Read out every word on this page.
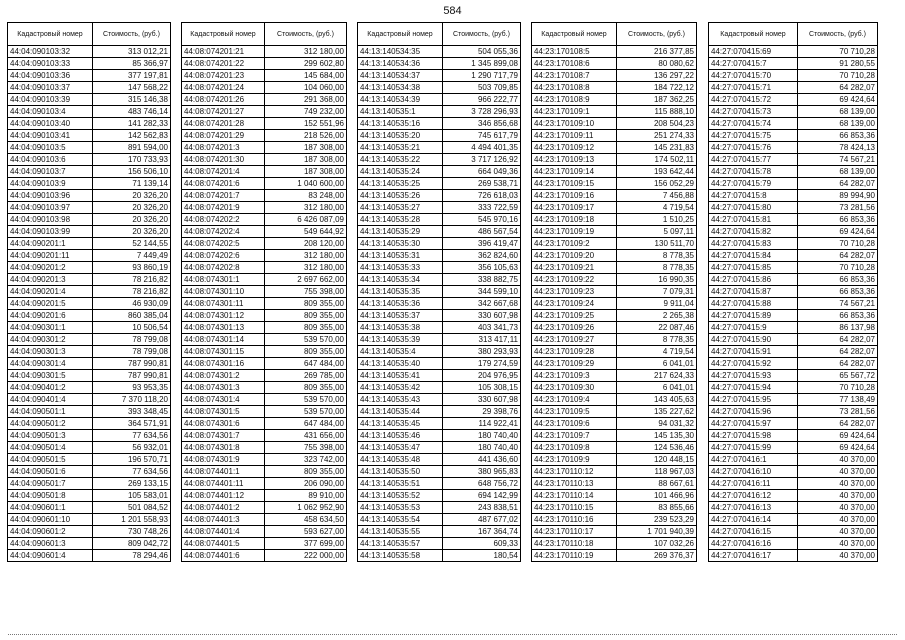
584
Кадастровый номер	Стоимость, (руб.)
44:04:090103:32	313 012,21
44:04:090103:33	85 366,97
44:04:090103:36	377 197,81
44:04:090103:37	147 568,22
44:04:090103:39	315 146,38
44:04:090103:4	483 746,14
44:04:090103:40	141 282,33
44:04:090103:41	142 562,83
44:04:090103:5	891 594,00
44:04:090103:6	170 733,93
44:04:090103:7	156 506,10
44:04:090103:9	71 139,14
44:04:090103:96	20 326,20
44:04:090103:97	20 326,20
44:04:090103:98	20 326,20
44:04:090103:99	20 326,20
44:04:090201:1	52 144,55
44:04:090201:11	7 449,49
44:04:090201:2	93 860,19
44:04:090201:3	78 216,82
44:04:090201:4	78 216,82
44:04:090201:5	46 930,09
44:04:090201:6	860 385,04
44:04:090301:1	10 506,54
44:04:090301:2	78 799,08
44:04:090301:3	78 799,08
44:04:090301:4	787 990,81
44:04:090301:5	787 990,81
44:04:090401:2	93 953,35
44:04:090401:4	7 370 118,20
44:04:090501:1	393 348,45
44:04:090501:2	364 571,91
44:04:090501:3	77 634,56
44:04:090501:4	56 932,01
44:04:090501:5	196 570,71
44:04:090501:6	77 634,56
44:04:090501:7	269 133,15
44:04:090501:8	105 583,01
44:04:090601:1	501 084,52
44:04:090601:10	1 201 558,93
44:04:090601:2	730 748,26
44:04:090601:3	809 042,72
44:04:090601:4	78 294,46
Кадастровый номер	Стоимость, (руб.)
44:08:074201:21	312 180,00
44:08:074201:22	299 602,80
44:08:074201:23	145 684,00
44:08:074201:24	104 060,00
44:08:074201:26	291 368,00
44:08:074201:27	749 232,00
44:08:074201:28	152 551,96
44:08:074201:29	218 526,00
44:08:074201:3	187 308,00
44:08:074201:30	187 308,00
44:08:074201:4	187 308,00
44:08:074201:6	1 040 600,00
44:08:074201:7	83 248,00
44:08:074201:9	312 180,00
44:08:074202:2	6 426 087,09
44:08:074202:4	549 644,92
44:08:074202:5	208 120,00
44:08:074202:6	312 180,00
44:08:074202:8	312 180,00
44:08:074301:1	2 697 662,00
44:08:074301:10	755 398,00
44:08:074301:11	809 355,00
44:08:074301:12	809 355,00
44:08:074301:13	809 355,00
44:08:074301:14	539 570,00
44:08:074301:15	809 355,00
44:08:074301:16	647 484,00
44:08:074301:2	269 785,00
44:08:074301:3	809 355,00
44:08:074301:4	539 570,00
44:08:074301:5	539 570,00
44:08:074301:6	647 484,00
44:08:074301:7	431 656,00
44:08:074301:8	755 398,00
44:08:074301:9	323 742,00
44:08:074401:1	809 355,00
44:08:074401:11	206 090,00
44:08:074401:12	89 910,00
44:08:074401:2	1 062 952,90
44:08:074401:3	458 634,50
44:08:074401:4	593 627,00
44:08:074401:5	377 699,00
44:08:074401:6	222 000,00
Кадастровый номер	Стоимость, (руб.)
44:13:140534:35	504 055,36
44:13:140534:36	1 345 899,08
44:13:140534:37	1 290 717,79
44:13:140534:38	503 709,85
44:13:140534:39	966 222,77
44:13:140535:1	3 728 296,93
44:13:140535:16	346 856,68
44:13:140535:20	745 617,79
44:13:140535:21	4 494 401,35
44:13:140535:22	3 717 126,92
44:13:140535:24	664 049,36
44:13:140535:25	269 538,71
44:13:140535:26	726 618,03
44:13:140535:27	333 722,59
44:13:140535:28	545 970,16
44:13:140535:29	486 567,54
44:13:140535:30	396 419,47
44:13:140535:31	362 824,60
44:13:140535:33	356 105,63
44:13:140535:34	338 882,75
44:13:140535:35	344 599,10
44:13:140535:36	342 667,68
44:13:140535:37	330 607,98
44:13:140535:38	403 341,73
44:13:140535:39	313 417,11
44:13:140535:4	380 293,93
44:13:140535:40	179 274,59
44:13:140535:41	204 976,95
44:13:140535:42	105 308,15
44:13:140535:43	330 607,98
44:13:140535:44	29 398,76
44:13:140535:45	114 922,41
44:13:140535:46	180 740,40
44:13:140535:47	180 740,40
44:13:140535:48	441 436,60
44:13:140535:50	380 965,83
44:13:140535:51	648 756,72
44:13:140535:52	694 142,99
44:13:140535:53	243 838,51
44:13:140535:54	487 677,02
44:13:140535:55	167 364,74
44:13:140535:57	609,33
44:13:140535:58	180,54
Кадастровый номер	Стоимость, (руб.)
44:23:170108:5	216 377,85
44:23:170108:6	80 080,62
44:23:170108:7	136 297,22
44:23:170108:8	184 722,12
44:23:170108:9	187 362,25
44:23:170109:1	115 888,10
44:23:170109:10	208 504,23
44:23:170109:11	251 274,33
44:23:170109:12	145 231,83
44:23:170109:13	174 502,11
44:23:170109:14	193 642,44
44:23:170109:15	156 052,29
44:23:170109:16	7 456,88
44:23:170109:17	4 719,54
44:23:170109:18	1 510,25
44:23:170109:19	5 097,11
44:23:170109:2	130 511,70
44:23:170109:20	8 778,35
44:23:170109:21	8 778,35
44:23:170109:22	16 990,35
44:23:170109:23	7 079,31
44:23:170109:24	9 911,04
44:23:170109:25	2 265,38
44:23:170109:26	22 087,46
44:23:170109:27	8 778,35
44:23:170109:28	4 719,54
44:23:170109:29	6 041,01
44:23:170109:3	217 624,33
44:23:170109:30	6 041,01
44:23:170109:4	143 405,63
44:23:170109:5	135 227,62
44:23:170109:6	94 031,32
44:23:170109:7	145 135,30
44:23:170109:8	124 536,46
44:23:170109:9	120 448,15
44:23:170110:12	118 967,03
44:23:170110:13	88 667,61
44:23:170110:14	101 466,96
44:23:170110:15	83 855,66
44:23:170110:16	239 523,29
44:23:170110:17	1 701 940,39
44:23:170110:18	107 032,26
44:23:170110:19	269 376,37
Кадастровый номер	Стоимость, (руб.)
44:27:070415:69	70 710,28
44:27:070415:7	91 280,55
44:27:070415:70	70 710,28
44:27:070415:71	64 282,07
44:27:070415:72	69 424,64
44:27:070415:73	68 139,00
44:27:070415:74	68 139,00
44:27:070415:75	66 853,36
44:27:070415:76	78 424,13
44:27:070415:77	74 567,21
44:27:070415:78	68 139,00
44:27:070415:79	64 282,07
44:27:070415:8	89 994,90
44:27:070415:80	73 281,56
44:27:070415:81	66 853,36
44:27:070415:82	69 424,64
44:27:070415:83	70 710,28
44:27:070415:84	64 282,07
44:27:070415:85	70 710,28
44:27:070415:86	66 853,36
44:27:070415:87	66 853,36
44:27:070415:88	74 567,21
44:27:070415:89	66 853,36
44:27:070415:9	86 137,98
44:27:070415:90	64 282,07
44:27:070415:91	64 282,07
44:27:070415:92	64 282,07
44:27:070415:93	65 567,72
44:27:070415:94	70 710,28
44:27:070415:95	77 138,49
44:27:070415:96	73 281,56
44:27:070415:97	64 282,07
44:27:070415:98	69 424,64
44:27:070415:99	69 424,64
44:27:070416:1	40 370,00
44:27:070416:10	40 370,00
44:27:070416:11	40 370,00
44:27:070416:12	40 370,00
44:27:070416:13	40 370,00
44:27:070416:14	40 370,00
44:27:070416:15	40 370,00
44:27:070416:16	40 370,00
44:27:070416:17	40 370,00
